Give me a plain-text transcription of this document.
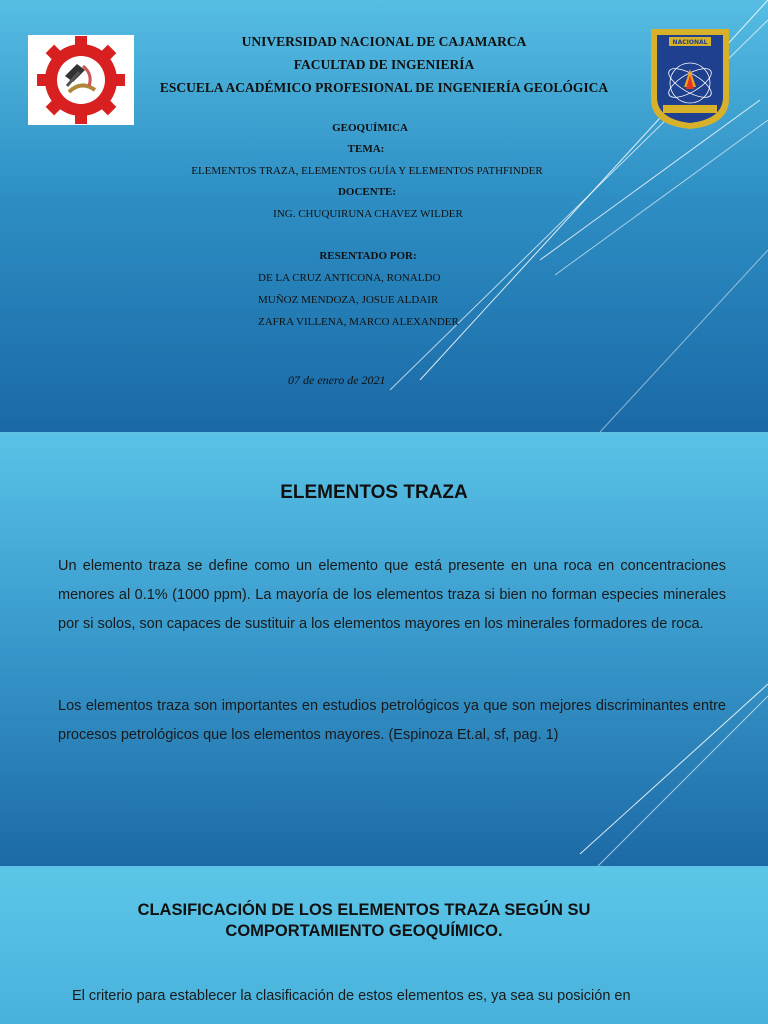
NACIONAL
UNIVERSIDAD NACIONAL DE CAJAMARCA
FACULTAD DE INGENIERÍA
ESCUELA ACADÉMICO PROFESIONAL DE INGENIERÍA GEOLÓGICA
GEOQUÍMICA
TEMA:
ELEMENTOS TRAZA, ELEMENTOS GUÍA Y ELEMENTOS PATHFINDER
DOCENTE:
ING. CHUQUIRUNA CHAVEZ WILDER
RESENTADO POR:
DE LA CRUZ ANTICONA, RONALDO
MUÑOZ MENDOZA, JOSUE ALDAIR
ZAFRA VILLENA, MARCO ALEXANDER
07 de enero de 2021
ELEMENTOS TRAZA

Un elemento traza se define como un elemento que está presente en una roca en concentraciones menores al 0.1% (1000 ppm). La mayoría de los elementos traza si bien no forman especies minerales por si solos, son capaces de sustituir a los elementos mayores en los minerales formadores de roca.

Los elementos traza son importantes en estudios petrológicos ya que son mejores discriminantes entre procesos petrológicos que los elementos mayores. (Espinoza Et.al, sf, pag. 1)

CLASIFICACIÓN DE LOS ELEMENTOS TRAZA SEGÚN SU COMPORTAMIENTO GEOQUÍMICO.

El criterio para establecer la clasificación de estos elementos es, ya sea su posición en
